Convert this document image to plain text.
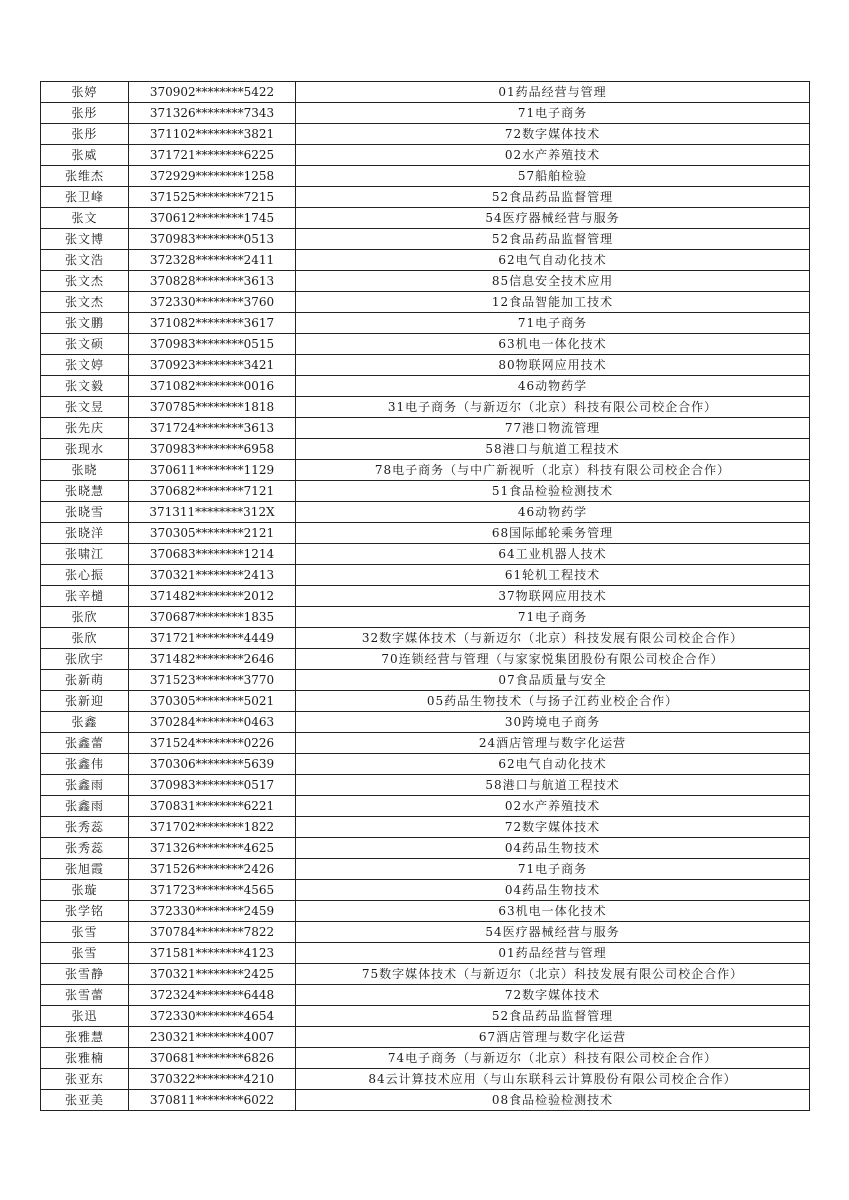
张婷	370902********5422	01药品经营与管理
张彤	371326********7343	71电子商务
张彤	371102********3821	72数字媒体技术
张威	371721********6225	02水产养殖技术
张维杰	372929********1258	57船舶检验
张卫峰	371525********7215	52食品药品监督管理
张文	370612********1745	54医疗器械经营与服务
张文博	370983********0513	52食品药品监督管理
张文浩	372328********2411	62电气自动化技术
张文杰	370828********3613	85信息安全技术应用
张文杰	372330********3760	12食品智能加工技术
张文鹏	371082********3617	71电子商务
张文硕	370983********0515	63机电一体化技术
张文婷	370923********3421	80物联网应用技术
张文毅	371082********0016	46动物药学
张文昱	370785********1818	31电子商务（与新迈尔（北京）科技有限公司校企合作）
张先庆	371724********3613	77港口物流管理
张现水	370983********6958	58港口与航道工程技术
张晓	370611********1129	78电子商务（与中广新视听（北京）科技有限公司校企合作）
张晓慧	370682********7121	51食品检验检测技术
张晓雪	371311********312X	46动物药学
张晓洋	370305********2121	68国际邮轮乘务管理
张啸江	370683********1214	64工业机器人技术
张心振	370321********2413	61轮机工程技术
张辛檤	371482********2012	37物联网应用技术
张欣	370687********1835	71电子商务
张欣	371721********4449	32数字媒体技术（与新迈尔（北京）科技发展有限公司校企合作）
张欣宇	371482********2646	70连锁经营与管理（与家家悦集团股份有限公司校企合作）
张新萌	371523********3770	07食品质量与安全
张新迎	370305********5021	05药品生物技术（与扬子江药业校企合作）
张鑫	370284********0463	30跨境电子商务
张鑫蕾	371524********0226	24酒店管理与数字化运营
张鑫伟	370306********5639	62电气自动化技术
张鑫雨	370983********0517	58港口与航道工程技术
张鑫雨	370831********6221	02水产养殖技术
张秀蕊	371702********1822	72数字媒体技术
张秀蕊	371326********4625	04药品生物技术
张旭霞	371526********2426	71电子商务
张璇	371723********4565	04药品生物技术
张学铭	372330********2459	63机电一体化技术
张雪	370784********7822	54医疗器械经营与服务
张雪	371581********4123	01药品经营与管理
张雪静	370321********2425	75数字媒体技术（与新迈尔（北京）科技发展有限公司校企合作）
张雪蕾	372324********6448	72数字媒体技术
张迅	372330********4654	52食品药品监督管理
张雅慧	230321********4007	67酒店管理与数字化运营
张雅楠	370681********6826	74电子商务（与新迈尔（北京）科技有限公司校企合作）
张亚东	370322********4210	84云计算技术应用（与山东联科云计算股份有限公司校企合作）
张亚美	370811********6022	08食品检验检测技术
